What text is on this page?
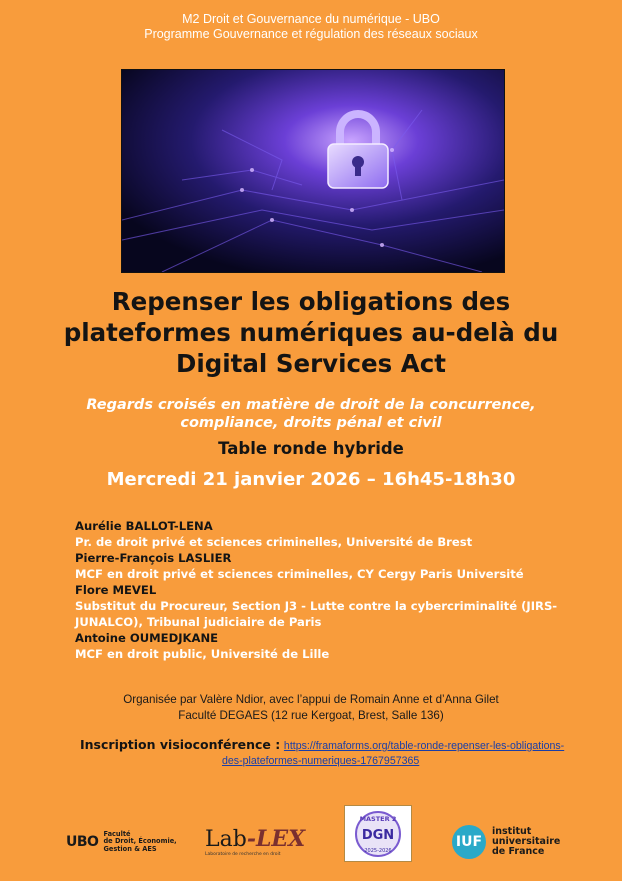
M2 Droit et Gouvernance du numérique - UBO
Programme Gouvernance et régulation des réseaux sociaux
Repenser les obligations des
plateformes numériques au-delà du
Digital Services Act
Regards croisés en matière de droit de la concurrence,
compliance, droits pénal et civil
Table ronde hybride
Mercredi 21 janvier 2026 – 16h45-18h30
Aurélie BALLOT-LENA
Pr. de droit privé et sciences criminelles, Université de Brest
Pierre-François LASLIER
MCF en droit privé et sciences criminelles, CY Cergy Paris Université
Flore MEVEL
Substitut du Procureur, Section J3 - Lutte contre la cybercriminalité (JIRS-JUNALCO), Tribunal judiciaire de Paris
Antoine OUMEDJKANE
MCF en droit public, Université de Lille
Organisée par Valère Ndior, avec l’appui de Romain Anne et d’Anna Gilet
Faculté DEGAES (12 rue Kergoat, Brest, Salle 136)
Inscription visioconférence : https://framaforms.org/table-ronde-repenser-les-obligations-
des-plateformes-numeriques-1767957365
UBO
Faculté
de Droit, Économie,
Gestion & AES	Lab-LEX
Laboratoire de recherche en droit
MASTER 2
DGN
2025-2026
IUF
institut
universitaire
de France
